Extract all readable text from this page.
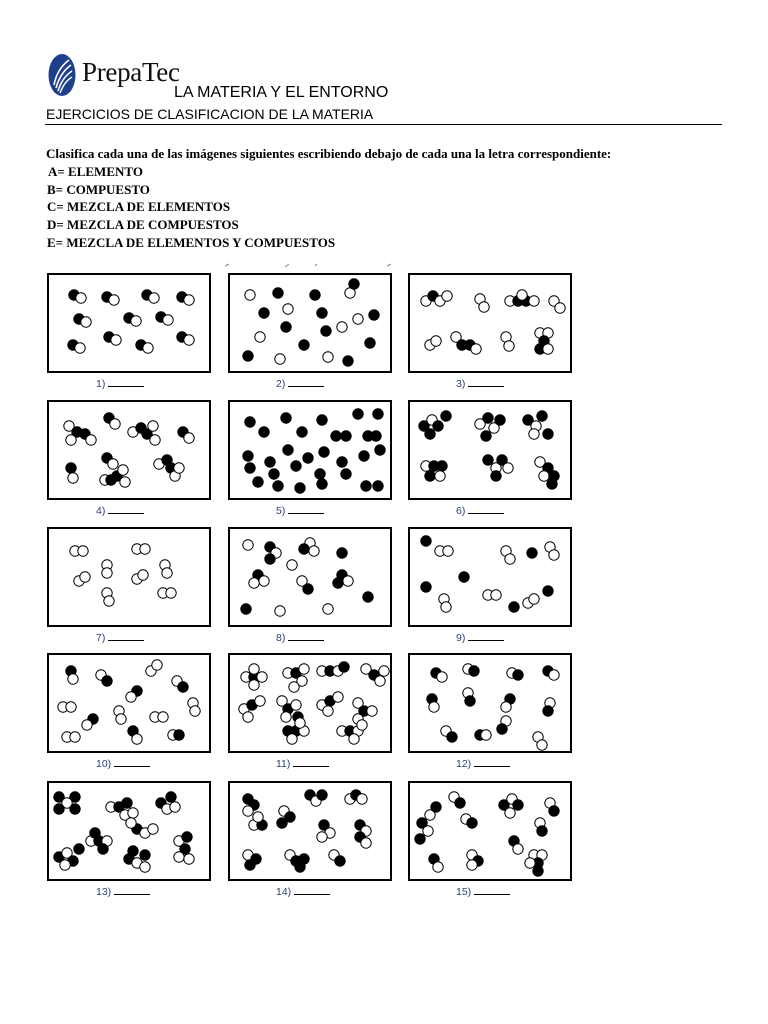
PrepaTec
LA MATERIA Y EL ENTORNO
EJERCICIOS DE CLASIFICACION DE LA MATERIA
Clasifica cada una de las imágenes siguientes escribiendo debajo de cada una la letra correspondiente:
A= ELEMENTO
B= COMPUESTO
C= MEZCLA DE ELEMENTOS
D= MEZCLA DE COMPUESTOS
E= MEZCLA DE ELEMENTOS Y COMPUESTOS
1)	2)	3)
4)	5)	6)
7)	8)	9)
10)	11)	12)
13)	14)	15)
